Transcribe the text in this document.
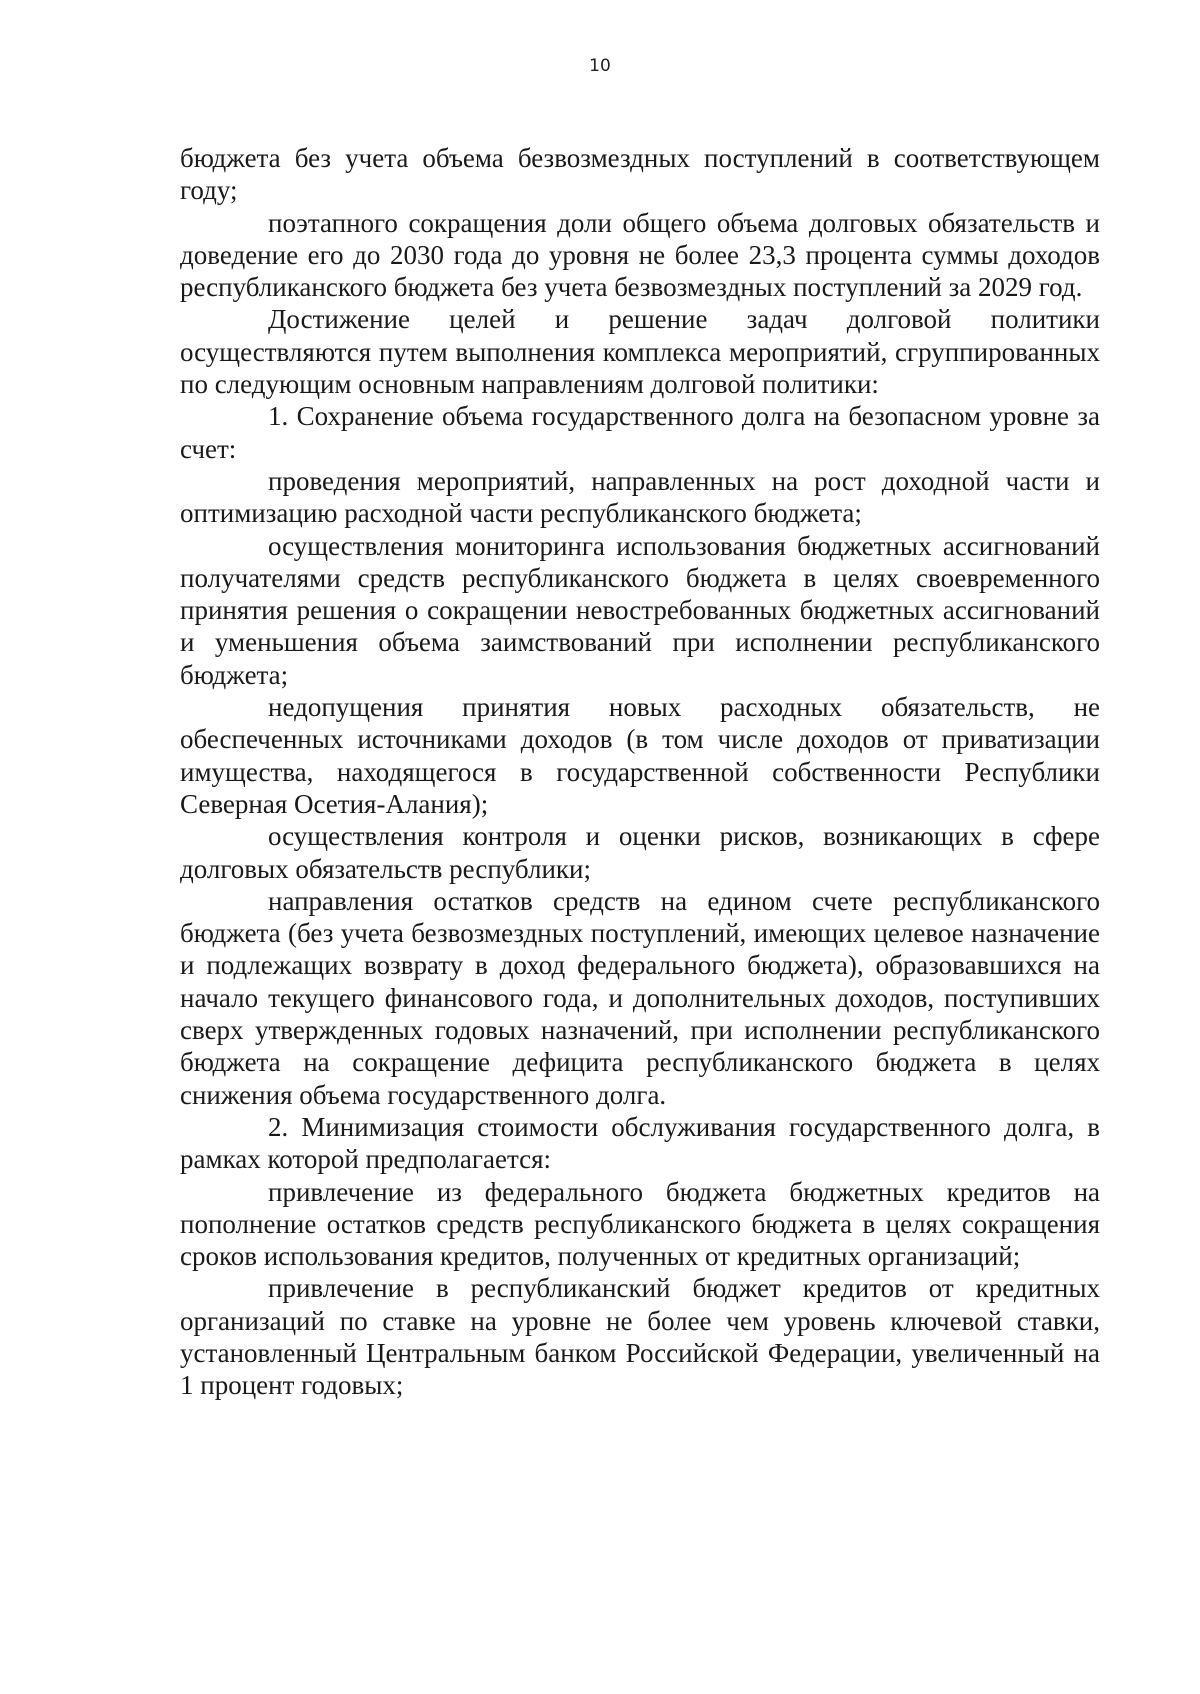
10

бюджета без учета объема безвозмездных поступлений в соответствующем году;

поэтапного сокращения доли общего объема долговых обязательств и доведение его до 2030 года до уровня не более 23,3 процента суммы доходов республиканского бюджета без учета безвозмездных поступлений за 2029 год.

Достижение целей и решение задач долговой политики осуществляются путем выполнения комплекса мероприятий, сгруппированных по следующим основным направлениям долговой политики:

1. Сохранение объема государственного долга на безопасном уровне за счет:

проведения мероприятий, направленных на рост доходной части и оптимизацию расходной части республиканского бюджета;

осуществления мониторинга использования бюджетных ассигнований получателями средств республиканского бюджета в целях своевременного принятия решения о сокращении невостребованных бюджетных ассигнований и уменьшения объема заимствований при исполнении республиканского бюджета;

недопущения принятия новых расходных обязательств, не обеспеченных источниками доходов (в том числе доходов от приватизации имущества, находящегося в государственной собственности Республики Северная Осетия-Алания);

осуществления контроля и оценки рисков, возникающих в сфере долговых обязательств республики;

направления остатков средств на едином счете республиканского бюджета (без учета безвозмездных поступлений, имеющих целевое назначение и подлежащих возврату в доход федерального бюджета), образовавшихся на начало текущего финансового года, и дополнительных доходов, поступивших сверх утвержденных годовых назначений, при исполнении республиканского бюджета на сокращение дефицита республиканского бюджета в целях снижения объема государственного долга.

2. Минимизация стоимости обслуживания государственного долга, в рамках которой предполагается:

привлечение из федерального бюджета бюджетных кредитов на пополнение остатков средств республиканского бюджета в целях сокращения сроков использования кредитов, полученных от кредитных организаций;

привлечение в республиканский бюджет кредитов от кредитных организаций по ставке на уровне не более чем уровень ключевой ставки, установленный Центральным банком Российской Федерации, увеличенный на 1 процент годовых;
